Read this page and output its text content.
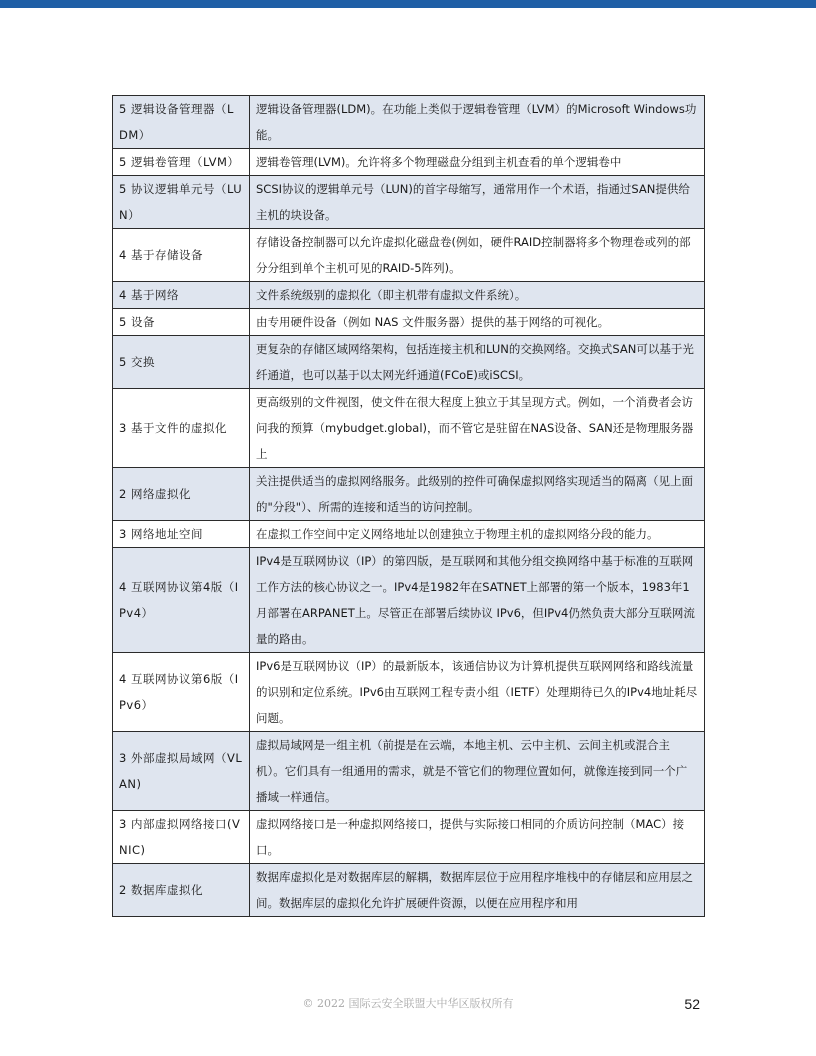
5 逻辑设备管理器（LDM）	逻辑设备管理器(LDM)。在功能上类似于逻辑卷管理（LVM）的Microsoft Windows功能。
5 逻辑卷管理（LVM）	逻辑卷管理(LVM)。允许将多个物理磁盘分组到主机查看的单个逻辑卷中
5 协议逻辑单元号（LUN）	SCSI协议的逻辑单元号（LUN)的首字母缩写，通常用作一个术语，指通过SAN提供给主机的块设备。
4 基于存储设备	存储设备控制器可以允许虚拟化磁盘卷(例如，硬件RAID控制器将多个物理卷或列的部分分组到单个主机可见的RAID-5阵列)。
4 基于网络	文件系统级别的虚拟化（即主机带有虚拟文件系统）。
5 设备	由专用硬件设备（例如 NAS 文件服务器）提供的基于网络的可视化。
5 交换	更复杂的存储区域网络架构，包括连接主机和LUN的交换网络。交换式SAN可以基于光纤通道，也可以基于以太网光纤通道(FCoE)或iSCSI。
3 基于文件的虚拟化	更高级别的文件视图，使文件在很大程度上独立于其呈现方式。例如，一个消费者会访问我的预算（mybudget.global)，而不管它是驻留在NAS设备、SAN还是物理服务器上
2 网络虚拟化	关注提供适当的虚拟网络服务。此级别的控件可确保虚拟网络实现适当的隔离（见上面的"分段"）、所需的连接和适当的访问控制。
3 网络地址空间	在虚拟工作空间中定义网络地址以创建独立于物理主机的虚拟网络分段的能力。
4 互联网协议第4版（IPv4）	IPv4是互联网协议（IP）的第四版，是互联网和其他分组交换网络中基于标准的互联网工作方法的核心协议之一。IPv4是1982年在SATNET上部署的第一个版本，1983年1月部署在ARPANET上。尽管正在部署后续协议 IPv6，但IPv4仍然负责大部分互联网流量的路由。
4 互联网协议第6版（IPv6）	IPv6是互联网协议（IP）的最新版本，该通信协议为计算机提供互联网网络和路线流量的识别和定位系统。IPv6由互联网工程专责小组（IETF）处理期待已久的IPv4地址耗尽问题。
3 外部虚拟局域网（VLAN)	虚拟局域网是一组主机（前提是在云端，本地主机、云中主机、云间主机或混合主机）。它们具有一组通用的需求，就是不管它们的物理位置如何，就像连接到同一个广播域一样通信。
3 内部虚拟网络接口(VNIC)	虚拟网络接口是一种虚拟网络接口，提供与实际接口相同的介质访问控制（MAC）接口。
2 数据库虚拟化	数据库虚拟化是对数据库层的解耦，数据库层位于应用程序堆栈中的存储层和应用层之间。数据库层的虚拟化允许扩展硬件资源，以便在应用程序和用
© 2022 国际云安全联盟大中华区版权所有	52
